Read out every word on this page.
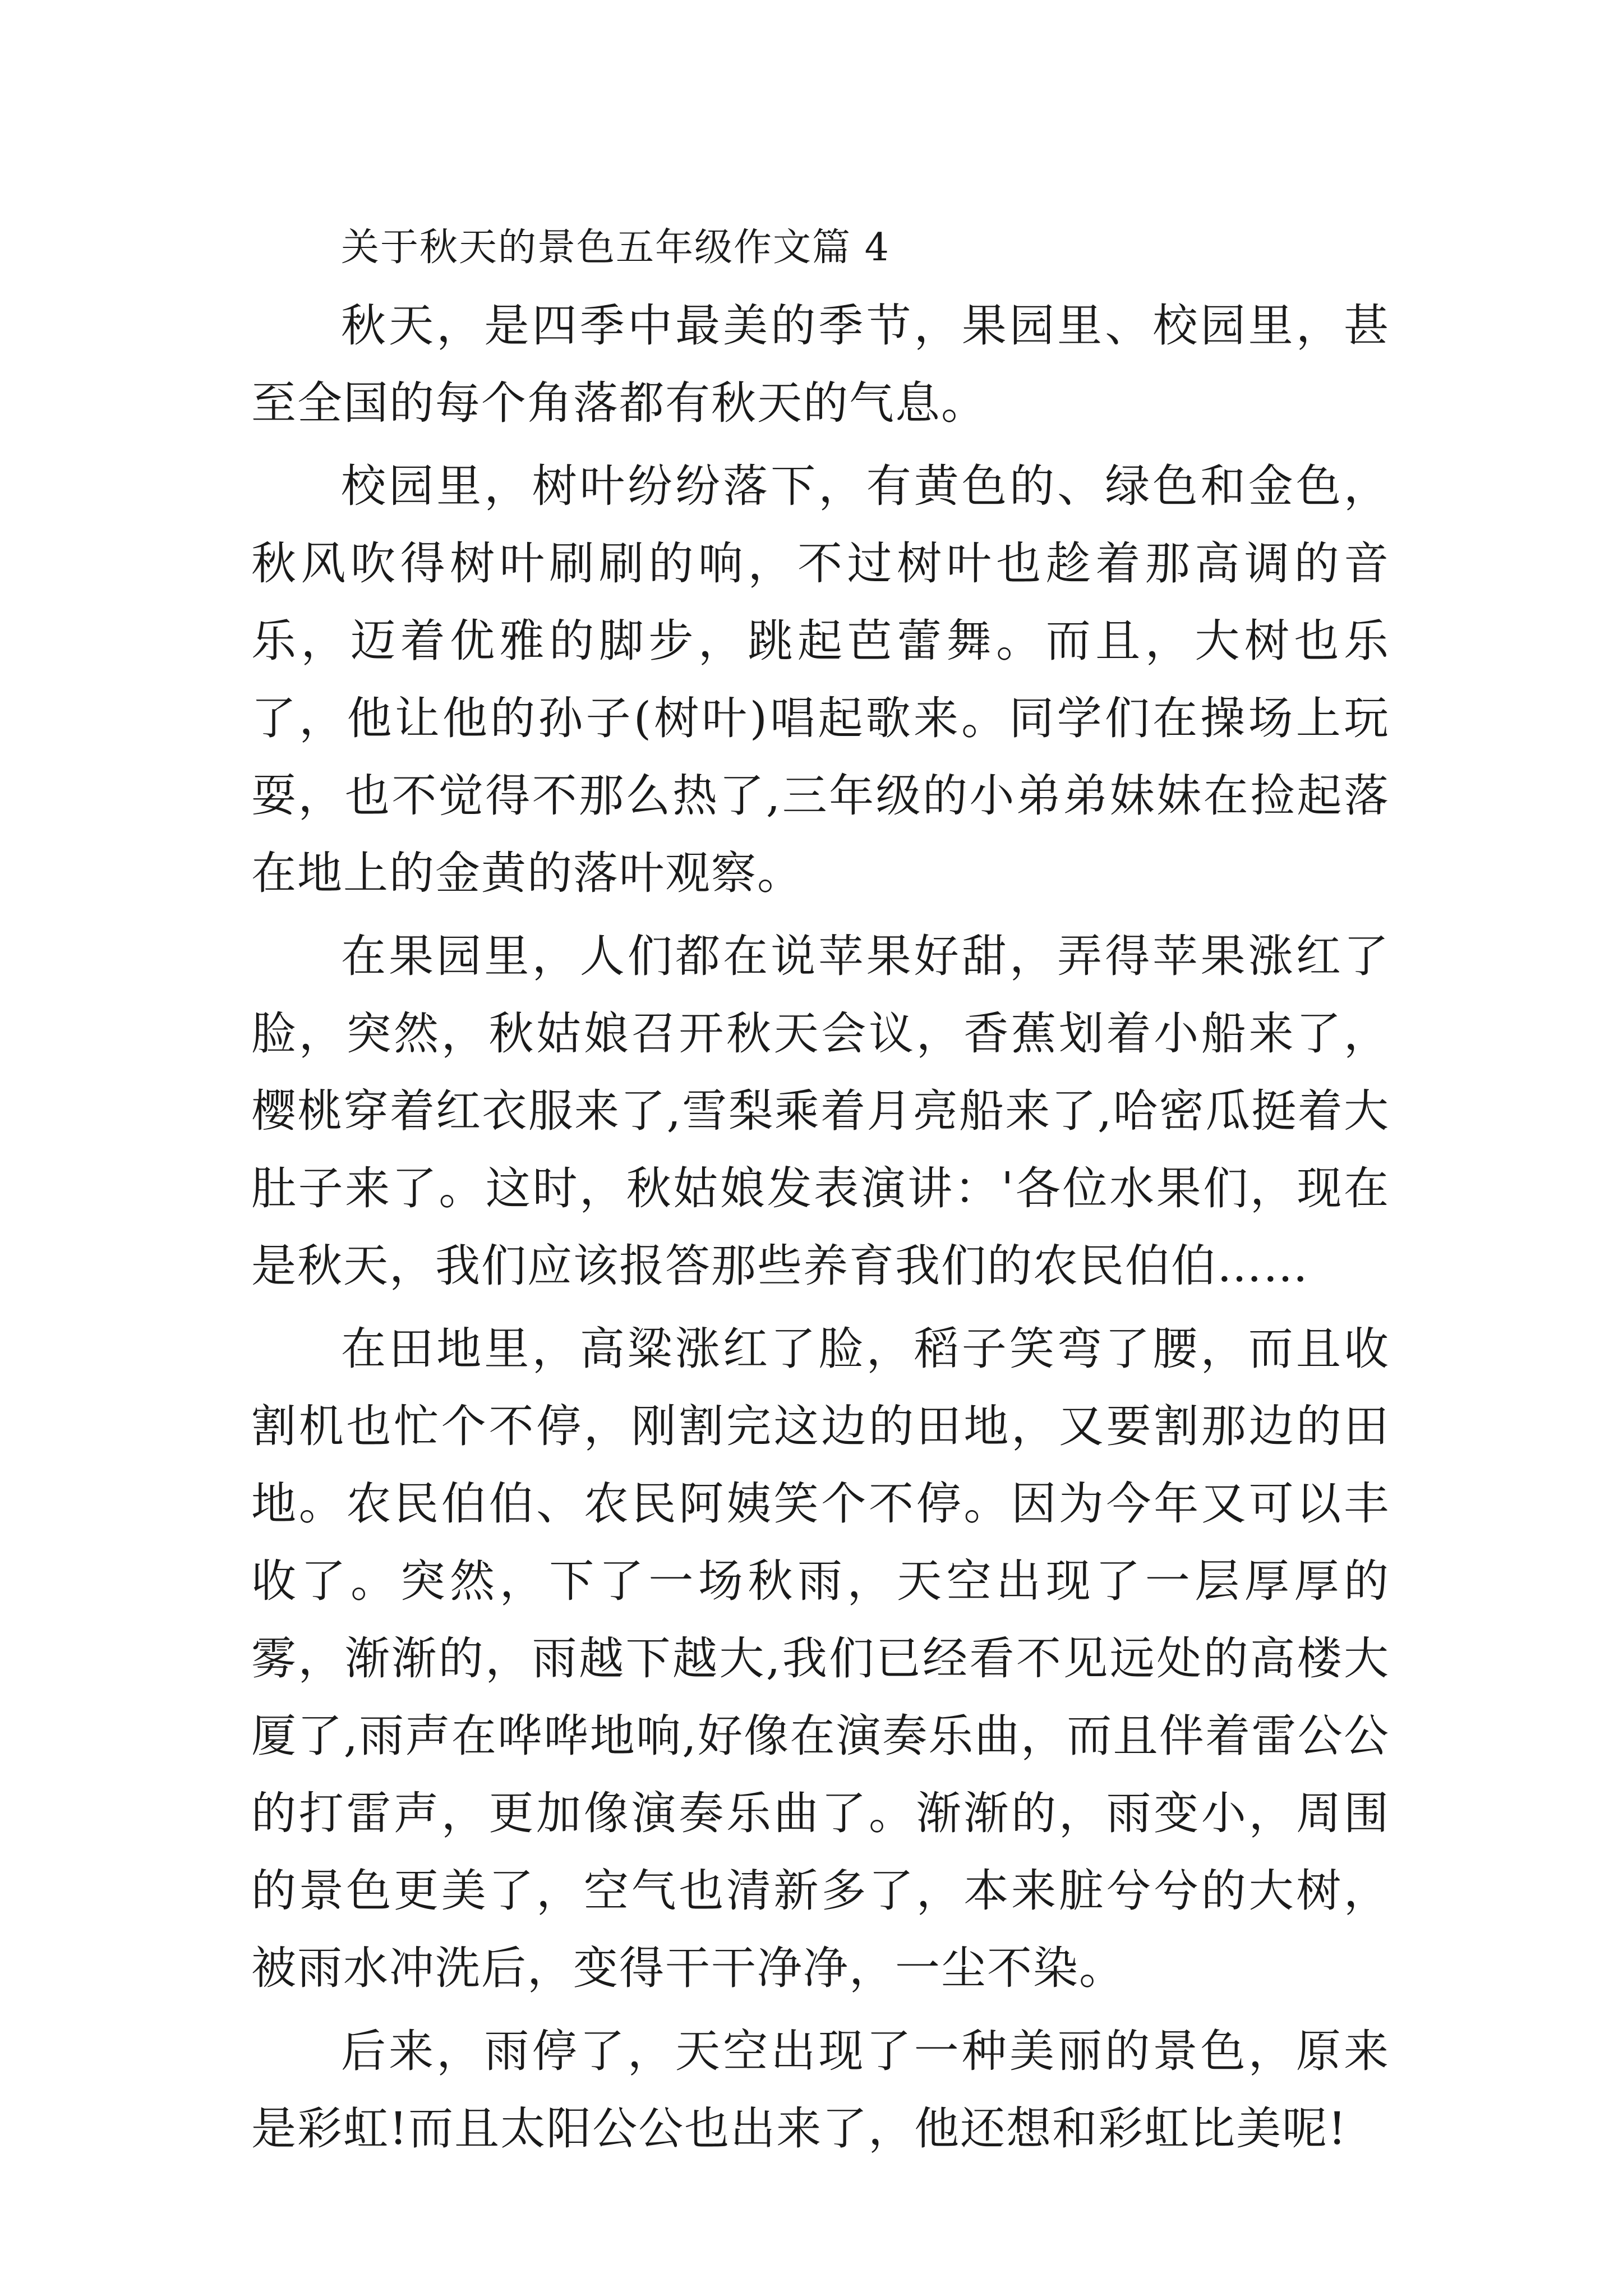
关于秋天的景色五年级作文篇 4

秋天，是四季中最美的季节，果园里、校园里，甚至全国的每个角落都有秋天的气息。

校园里，树叶纷纷落下，有黄色的、绿色和金色，秋风吹得树叶刷刷的响，不过树叶也趁着那高调的音乐，迈着优雅的脚步，跳起芭蕾舞。而且，大树也乐了，他让他的孙子(树叶)唱起歌来。同学们在操场上玩耍，也不觉得不那么热了,三年级的小弟弟妹妹在捡起落在地上的金黄的落叶观察。

在果园里，人们都在说苹果好甜，弄得苹果涨红了脸，突然，秋姑娘召开秋天会议，香蕉划着小船来了，樱桃穿着红衣服来了,雪梨乘着月亮船来了,哈密瓜挺着大肚子来了。这时，秋姑娘发表演讲：'各位水果们，现在是秋天，我们应该报答那些养育我们的农民伯伯……

在田地里，高粱涨红了脸，稻子笑弯了腰，而且收割机也忙个不停，刚割完这边的田地，又要割那边的田地。农民伯伯、农民阿姨笑个不停。因为今年又可以丰收了。突然，下了一场秋雨，天空出现了一层厚厚的雾，渐渐的，雨越下越大,我们已经看不见远处的高楼大厦了,雨声在哗哗地响,好像在演奏乐曲，而且伴着雷公公的打雷声，更加像演奏乐曲了。渐渐的，雨变小，周围的景色更美了，空气也清新多了，本来脏兮兮的大树，被雨水冲洗后，变得干干净净，一尘不染。

后来，雨停了，天空出现了一种美丽的景色，原来是彩虹!而且太阳公公也出来了，他还想和彩虹比美呢!
